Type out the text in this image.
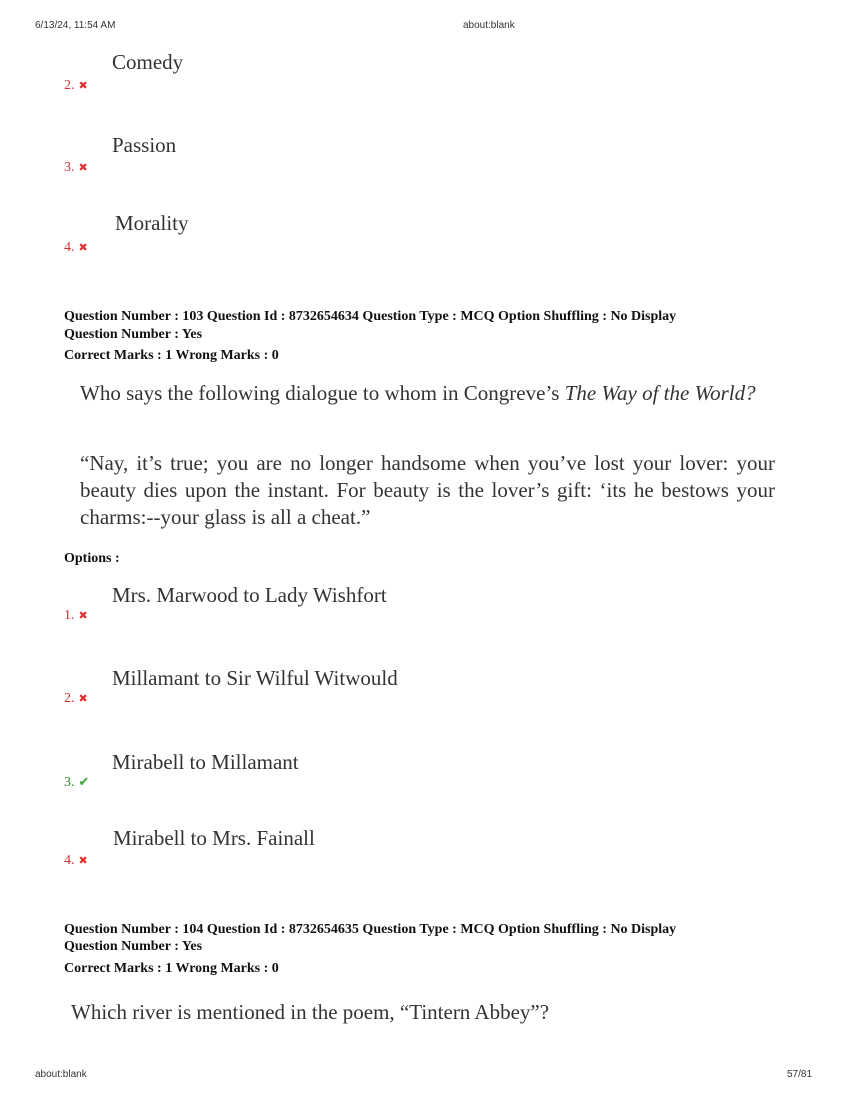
6/13/24, 11:54 AM	about:blank
Comedy
2. ✖
Passion
3. ✖
Morality
4. ✖
Question Number : 103 Question Id : 8732654634 Question Type : MCQ Option Shuffling : No Display
Question Number : Yes
Correct Marks : 1 Wrong Marks : 0
Who says the following dialogue to whom in Congreve’s The Way of the World?
“Nay, it’s true; you are no longer handsome when you’ve lost your lover: your beauty dies upon the instant. For beauty is the lover’s gift: ‘its he bestows your charms:--your glass is all a cheat.”
Options :
Mrs. Marwood to Lady Wishfort
1. ✖
Millamant to Sir Wilful Witwould
2. ✖
Mirabell to Millamant
3. ✔
Mirabell to Mrs. Fainall
4. ✖
Question Number : 104 Question Id : 8732654635 Question Type : MCQ Option Shuffling : No Display
Question Number : Yes
Correct Marks : 1 Wrong Marks : 0
Which river is mentioned in the poem, “Tintern Abbey”?
about:blank	57/81
